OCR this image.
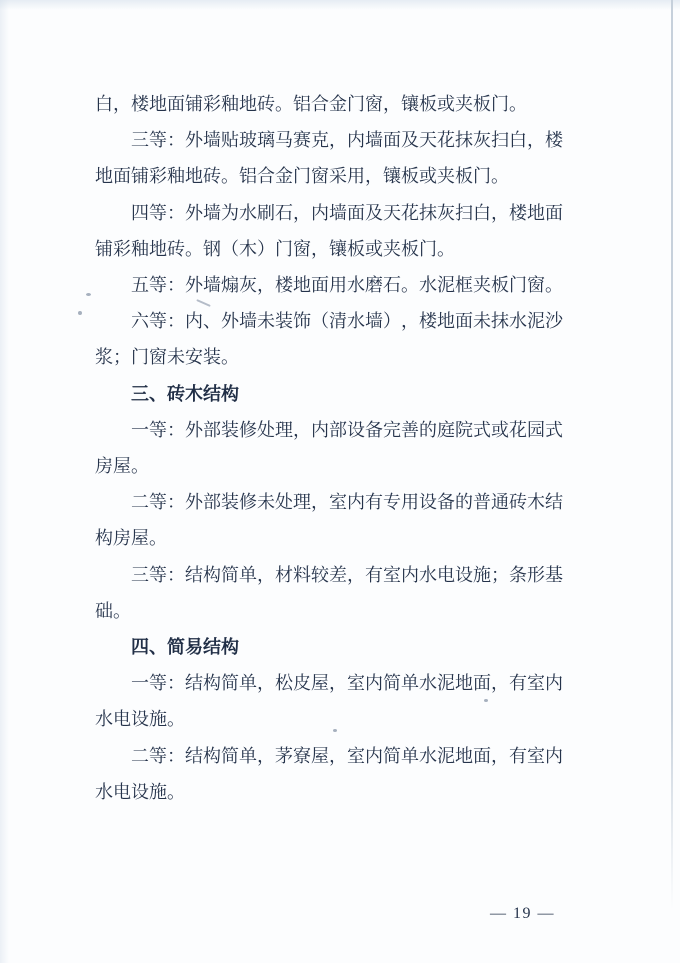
白，楼地面铺彩釉地砖。铝合金门窗，镶板或夹板门。

三等：外墙贴玻璃马赛克，内墙面及天花抹灰扫白，楼地面铺彩釉地砖。铝合金门窗采用，镶板或夹板门。

四等：外墙为水刷石，内墙面及天花抹灰扫白，楼地面铺彩釉地砖。钢（木）门窗，镶板或夹板门。

五等：外墙煽灰，楼地面用水磨石。水泥框夹板门窗。

六等：内、外墙未装饰（清水墙），楼地面未抹水泥沙浆；门窗未安装。

三、砖木结构

一等：外部装修处理，内部设备完善的庭院式或花园式房屋。

二等：外部装修未处理，室内有专用设备的普通砖木结构房屋。

三等：结构简单，材料较差，有室内水电设施；条形基础。

四、简易结构

一等：结构简单，松皮屋，室内简单水泥地面，有室内水电设施。

二等：结构简单，茅寮屋，室内简单水泥地面，有室内水电设施。

— 19 —
